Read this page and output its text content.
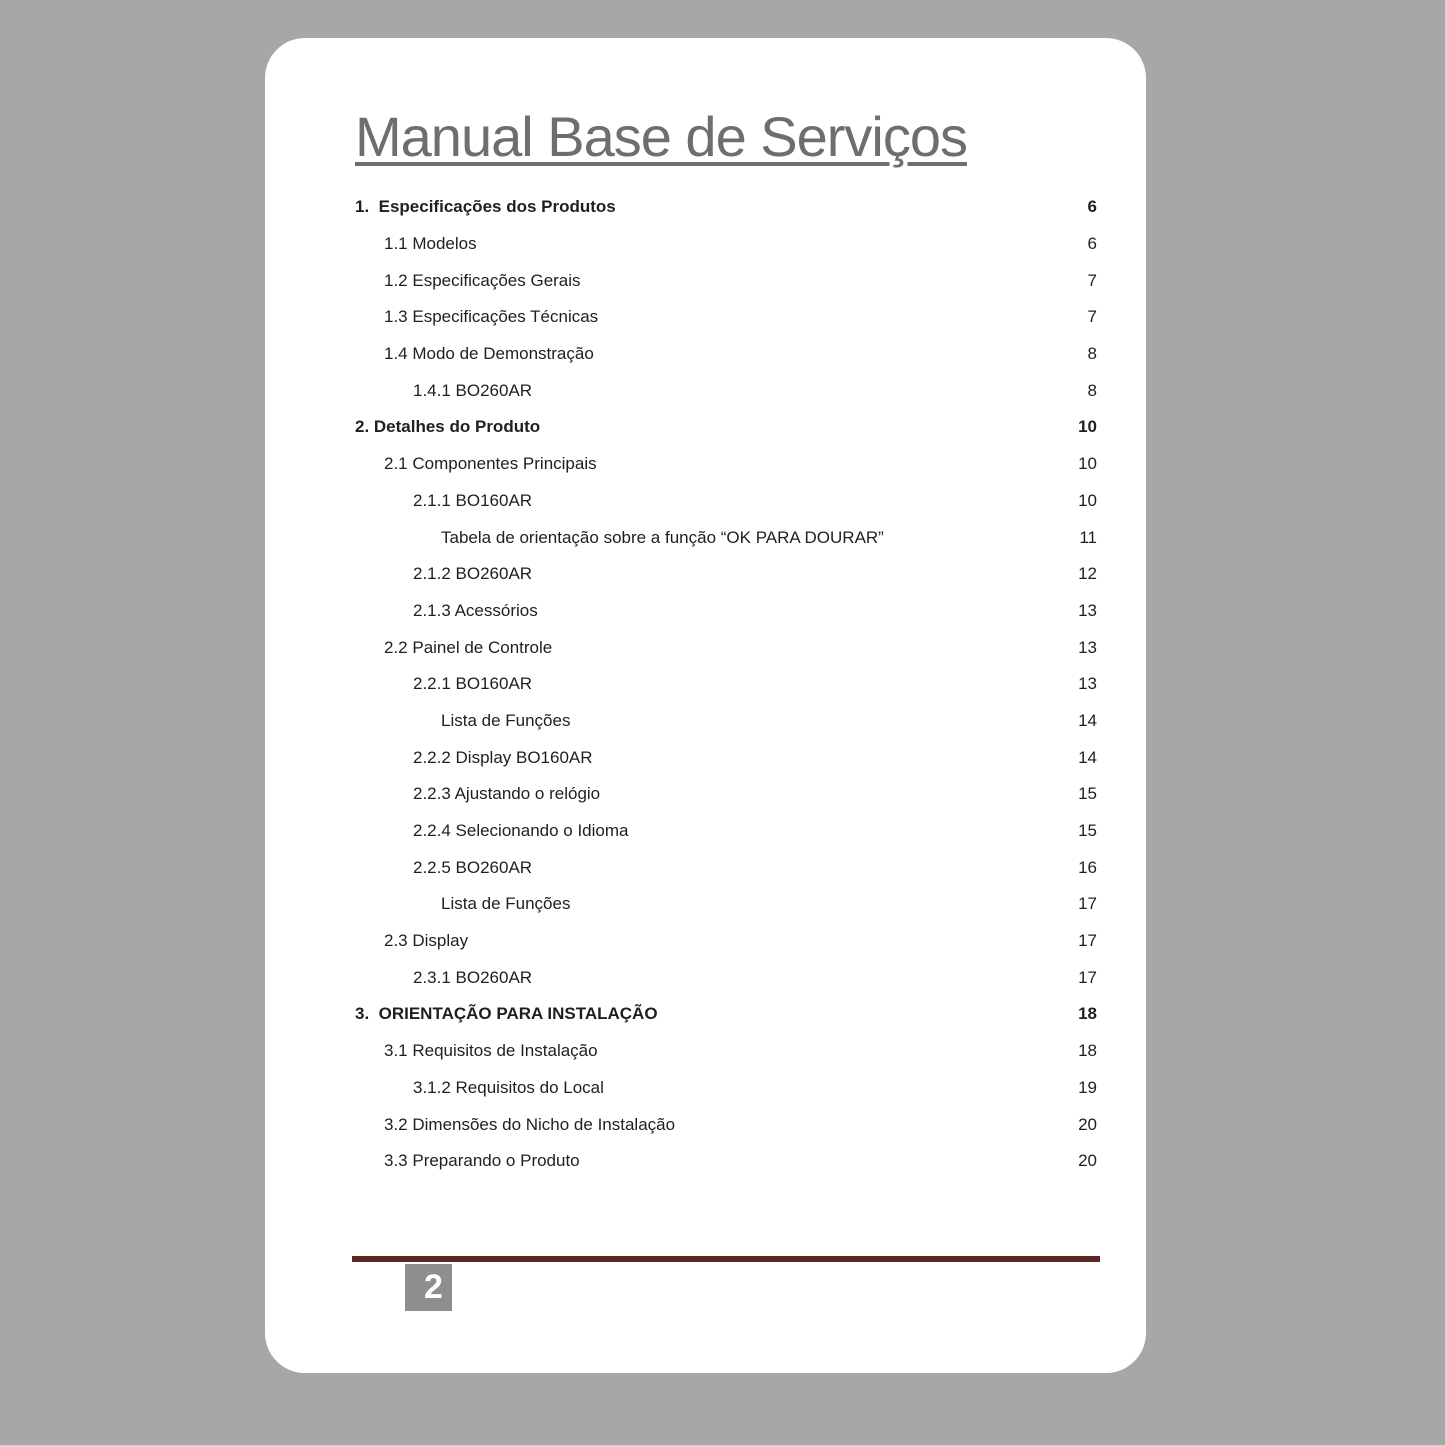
Manual Base de Serviços
1.  Especificações dos Produtos	6
1.1 Modelos	6
1.2 Especificações Gerais	7
1.3 Especificações Técnicas	7
1.4 Modo de Demonstração	8
1.4.1 BO260AR	8
2. Detalhes do Produto	10
2.1 Componentes Principais	10
2.1.1 BO160AR	10
Tabela de orientação sobre a função “OK PARA DOURAR”	11
2.1.2 BO260AR	12
2.1.3 Acessórios	13
2.2 Painel de Controle	13
2.2.1 BO160AR	13
Lista de Funções	14
2.2.2 Display BO160AR	14
2.2.3 Ajustando o relógio	15
2.2.4 Selecionando o Idioma	15
2.2.5 BO260AR	16
Lista de Funções	17
2.3 Display	17
2.3.1 BO260AR	17
3.  ORIENTAÇÃO PARA INSTALAÇÃO	18
3.1 Requisitos de Instalação	18
3.1.2 Requisitos do Local	19
3.2 Dimensões do Nicho de Instalação	20
3.3 Preparando o Produto	20
2
